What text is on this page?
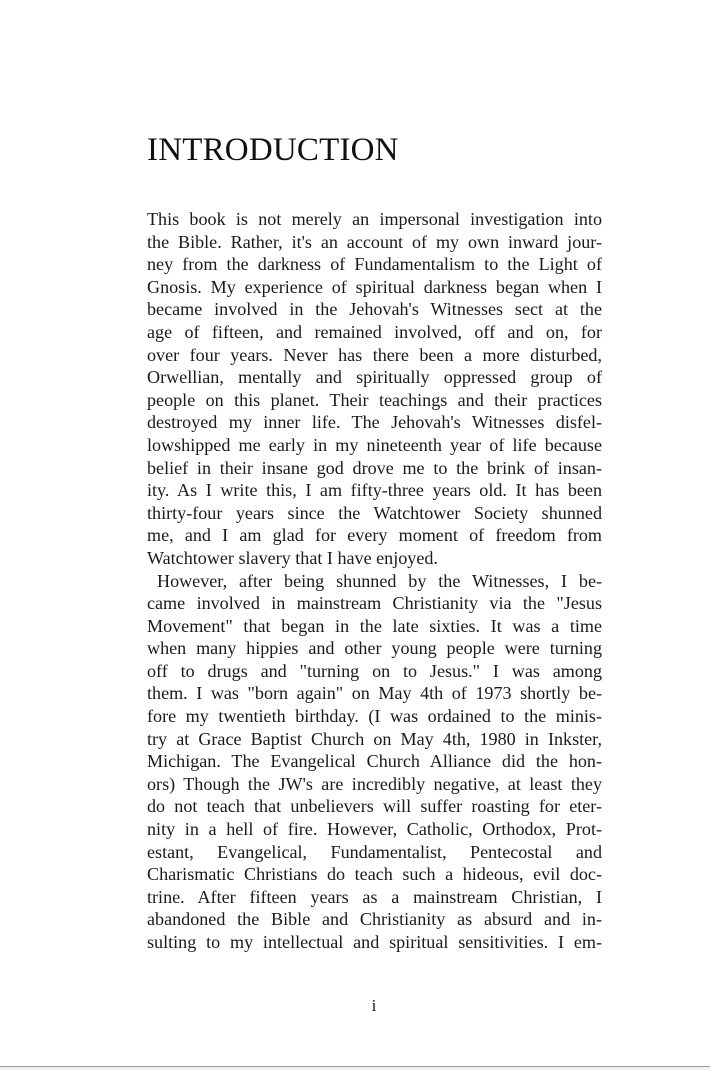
INTRODUCTION
This book is not merely an impersonal investigation into
the Bible. Rather, it's an account of my own inward jour-
ney from the darkness of Fundamentalism to the Light of
Gnosis. My experience of spiritual darkness began when I
became involved in the Jehovah's Witnesses sect at the
age of fifteen, and remained involved, off and on, for
over four years. Never has there been a more disturbed,
Orwellian, mentally and spiritually oppressed group of
people on this planet. Their teachings and their practices
destroyed my inner life. The Jehovah's Witnesses disfel-
lowshipped me early in my nineteenth year of life because
belief in their insane god drove me to the brink of insan-
ity. As I write this, I am fifty-three years old. It has been
thirty-four years since the Watchtower Society shunned
me, and I am glad for every moment of freedom from
Watchtower slavery that I have enjoyed.
However, after being shunned by the Witnesses, I be-
came involved in mainstream Christianity via the "Jesus
Movement" that began in the late sixties. It was a time
when many hippies and other young people were turning
off to drugs and "turning on to Jesus." I was among
them. I was "born again" on May 4th of 1973 shortly be-
fore my twentieth birthday. (I was ordained to the minis-
try at Grace Baptist Church on May 4th, 1980 in Inkster,
Michigan. The Evangelical Church Alliance did the hon-
ors) Though the JW's are incredibly negative, at least they
do not teach that unbelievers will suffer roasting for eter-
nity in a hell of fire. However, Catholic, Orthodox, Prot-
estant, Evangelical, Fundamentalist, Pentecostal and
Charismatic Christians do teach such a hideous, evil doc-
trine. After fifteen years as a mainstream Christian, I
abandoned the Bible and Christianity as absurd and in-
sulting to my intellectual and spiritual sensitivities. I em-
i
